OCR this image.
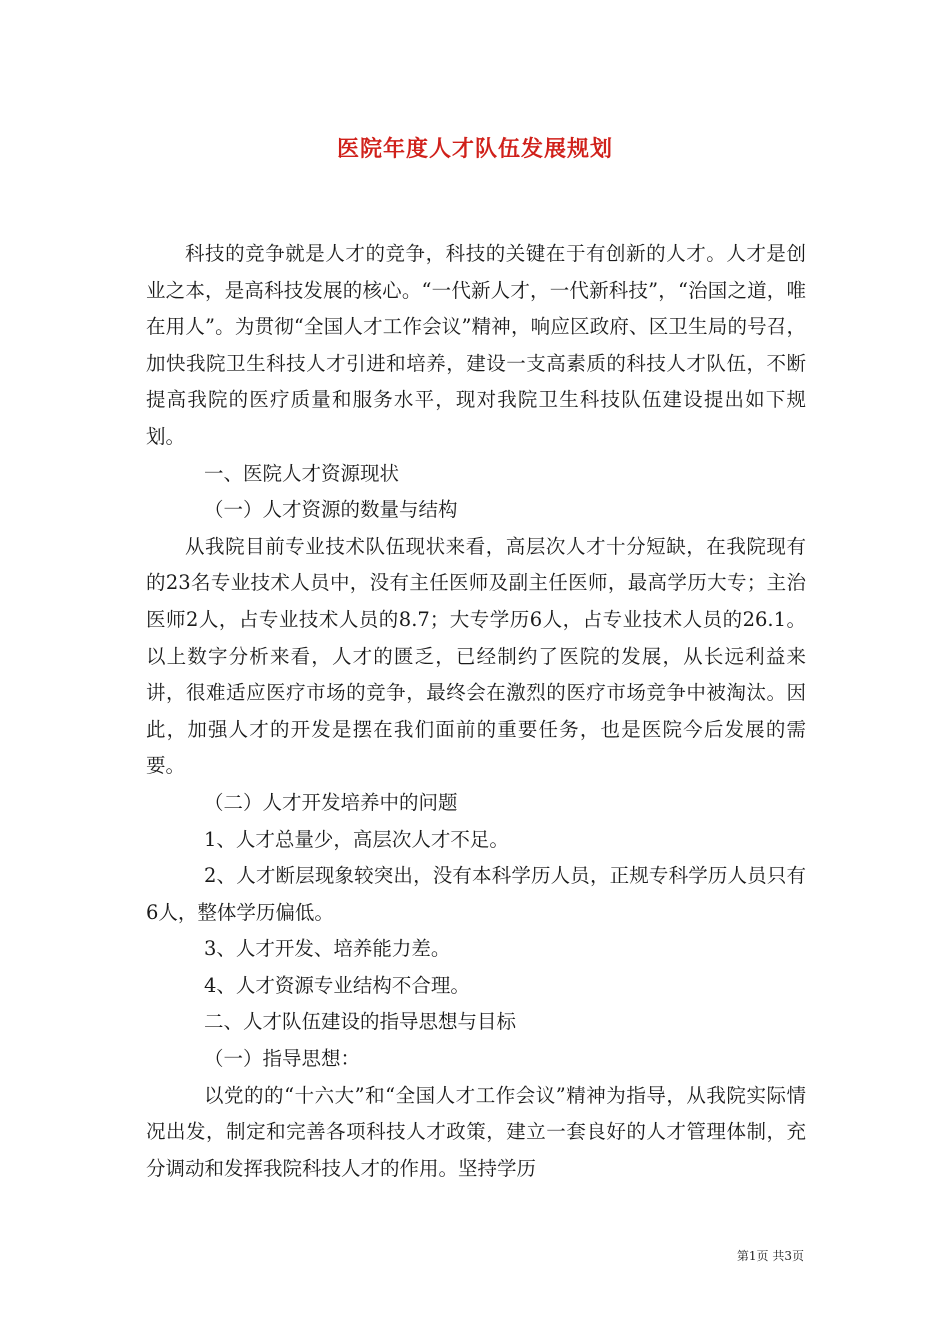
医院年度人才队伍发展规划

科技的竞争就是人才的竞争，科技的关键在于有创新的人才。人才是创业之本，是高科技发展的核心。“一代新人才，一代新科技”，“治国之道，唯在用人”。为贯彻“全国人才工作会议”精神，响应区政府、区卫生局的号召，加快我院卫生科技人才引进和培养，建设一支高素质的科技人才队伍，不断提高我院的医疗质量和服务水平，现对我院卫生科技队伍建设提出如下规划。

一、医院人才资源现状

（一）人才资源的数量与结构

从我院目前专业技术队伍现状来看，高层次人才十分短缺，在我院现有的23名专业技术人员中，没有主任医师及副主任医师，最高学历大专；主治医师2人，占专业技术人员的8.7；大专学历6人，占专业技术人员的26.1。以上数字分析来看，人才的匮乏，已经制约了医院的发展，从长远利益来讲，很难适应医疗市场的竞争，最终会在激烈的医疗市场竞争中被淘汰。因此，加强人才的开发是摆在我们面前的重要任务，也是医院今后发展的需要。

（二）人才开发培养中的问题

1、人才总量少，高层次人才不足。

2、人才断层现象较突出，没有本科学历人员，正规专科学历人员只有6人，整体学历偏低。

3、人才开发、培养能力差。

4、人才资源专业结构不合理。

二、人才队伍建设的指导思想与目标

（一）指导思想：

以党的的“十六大”和“全国人才工作会议”精神为指导，从我院实际情况出发，制定和完善各项科技人才政策，建立一套良好的人才管理体制，充分调动和发挥我院科技人才的作用。坚持学历

第1页 共3页
